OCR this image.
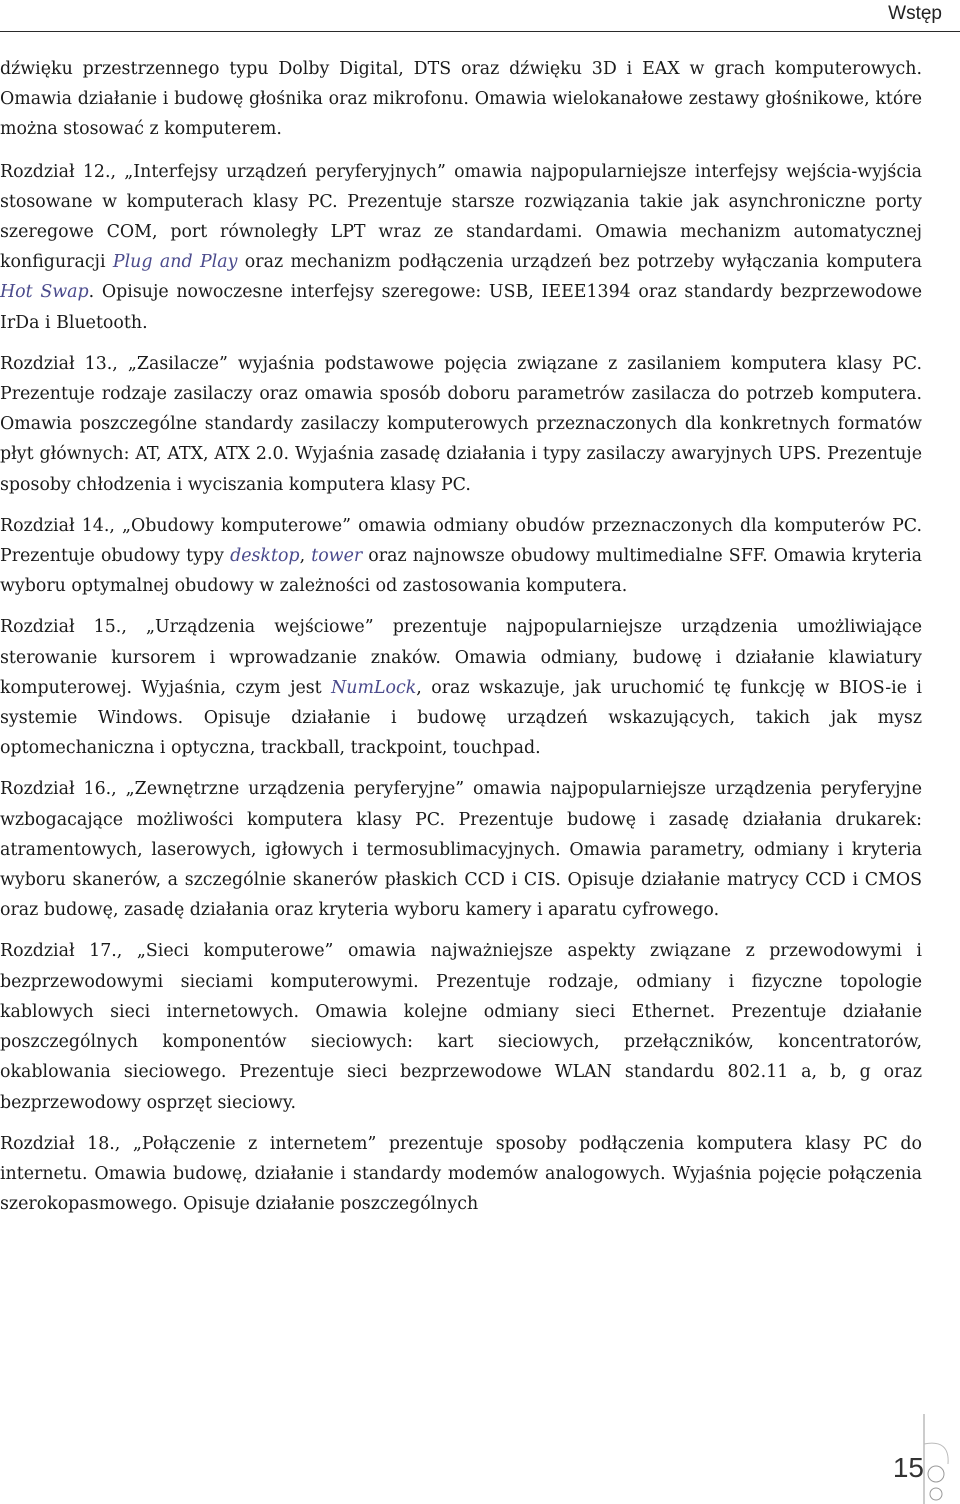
Wstęp

dźwięku przestrzennego typu Dolby Digital, DTS oraz dźwięku 3D i EAX w grach komputerowych. Omawia działanie i budowę głośnika oraz mikrofonu. Omawia wielokanałowe zestawy głośnikowe, które można stosować z komputerem.

Rozdział 12., „Interfejsy urządzeń peryferyjnych” omawia najpopularniejsze interfejsy wejścia-wyjścia stosowane w komputerach klasy PC. Prezentuje starsze rozwiązania takie jak asynchroniczne porty szeregowe COM, port równoległy LPT wraz ze standardami. Omawia mechanizm automatycznej konfiguracji Plug and Play oraz mechanizm podłączenia urządzeń bez potrzeby wyłączania komputera Hot Swap. Opisuje nowoczesne interfejsy szeregowe: USB, IEEE1394 oraz standardy bezprzewodowe IrDa i Bluetooth.

Rozdział 13., „Zasilacze” wyjaśnia podstawowe pojęcia związane z zasilaniem komputera klasy PC. Prezentuje rodzaje zasilaczy oraz omawia sposób doboru parametrów zasilacza do potrzeb komputera. Omawia poszczególne standardy zasilaczy komputerowych przeznaczonych dla konkretnych formatów płyt głównych: AT, ATX, ATX 2.0. Wyjaśnia zasadę działania i typy zasilaczy awaryjnych UPS. Prezentuje sposoby chłodzenia i wyciszania komputera klasy PC.

Rozdział 14., „Obudowy komputerowe” omawia odmiany obudów przeznaczonych dla komputerów PC. Prezentuje obudowy typy desktop, tower oraz najnowsze obudowy multimedialne SFF. Omawia kryteria wyboru optymalnej obudowy w zależności od zastosowania komputera.

Rozdział 15., „Urządzenia wejściowe” prezentuje najpopularniejsze urządzenia umożliwiające sterowanie kursorem i wprowadzanie znaków. Omawia odmiany, budowę i działanie klawiatury komputerowej. Wyjaśnia, czym jest NumLock, oraz wskazuje, jak uruchomić tę funkcję w BIOS-ie i systemie Windows. Opisuje działanie i budowę urządzeń wskazujących, takich jak mysz optomechaniczna i optyczna, trackball, trackpoint, touchpad.

Rozdział 16., „Zewnętrzne urządzenia peryferyjne” omawia najpopularniejsze urządzenia peryferyjne wzbogacające możliwości komputera klasy PC. Prezentuje budowę i zasadę działania drukarek: atramentowych, laserowych, igłowych i termosublimacyjnych. Omawia parametry, odmiany i kryteria wyboru skanerów, a szczególnie skanerów płaskich CCD i CIS. Opisuje działanie matrycy CCD i CMOS oraz budowę, zasadę działania oraz kryteria wyboru kamery i aparatu cyfrowego.

Rozdział 17., „Sieci komputerowe” omawia najważniejsze aspekty związane z przewodowymi i bezprzewodowymi sieciami komputerowymi. Prezentuje rodzaje, odmiany i fizyczne topologie kablowych sieci internetowych. Omawia kolejne odmiany sieci Ethernet. Prezentuje działanie poszczególnych komponentów sieciowych: kart sieciowych, przełączników, koncentratorów, okablowania sieciowego. Prezentuje sieci bezprzewodowe WLAN standardu 802.11 a, b, g oraz bezprzewodowy osprzęt sieciowy.

Rozdział 18., „Połączenie z internetem” prezentuje sposoby podłączenia komputera klasy PC do internetu. Omawia budowę, działanie i standardy modemów analogowych. Wyjaśnia pojęcie połączenia szerokopasmowego. Opisuje działanie poszczególnych

15
